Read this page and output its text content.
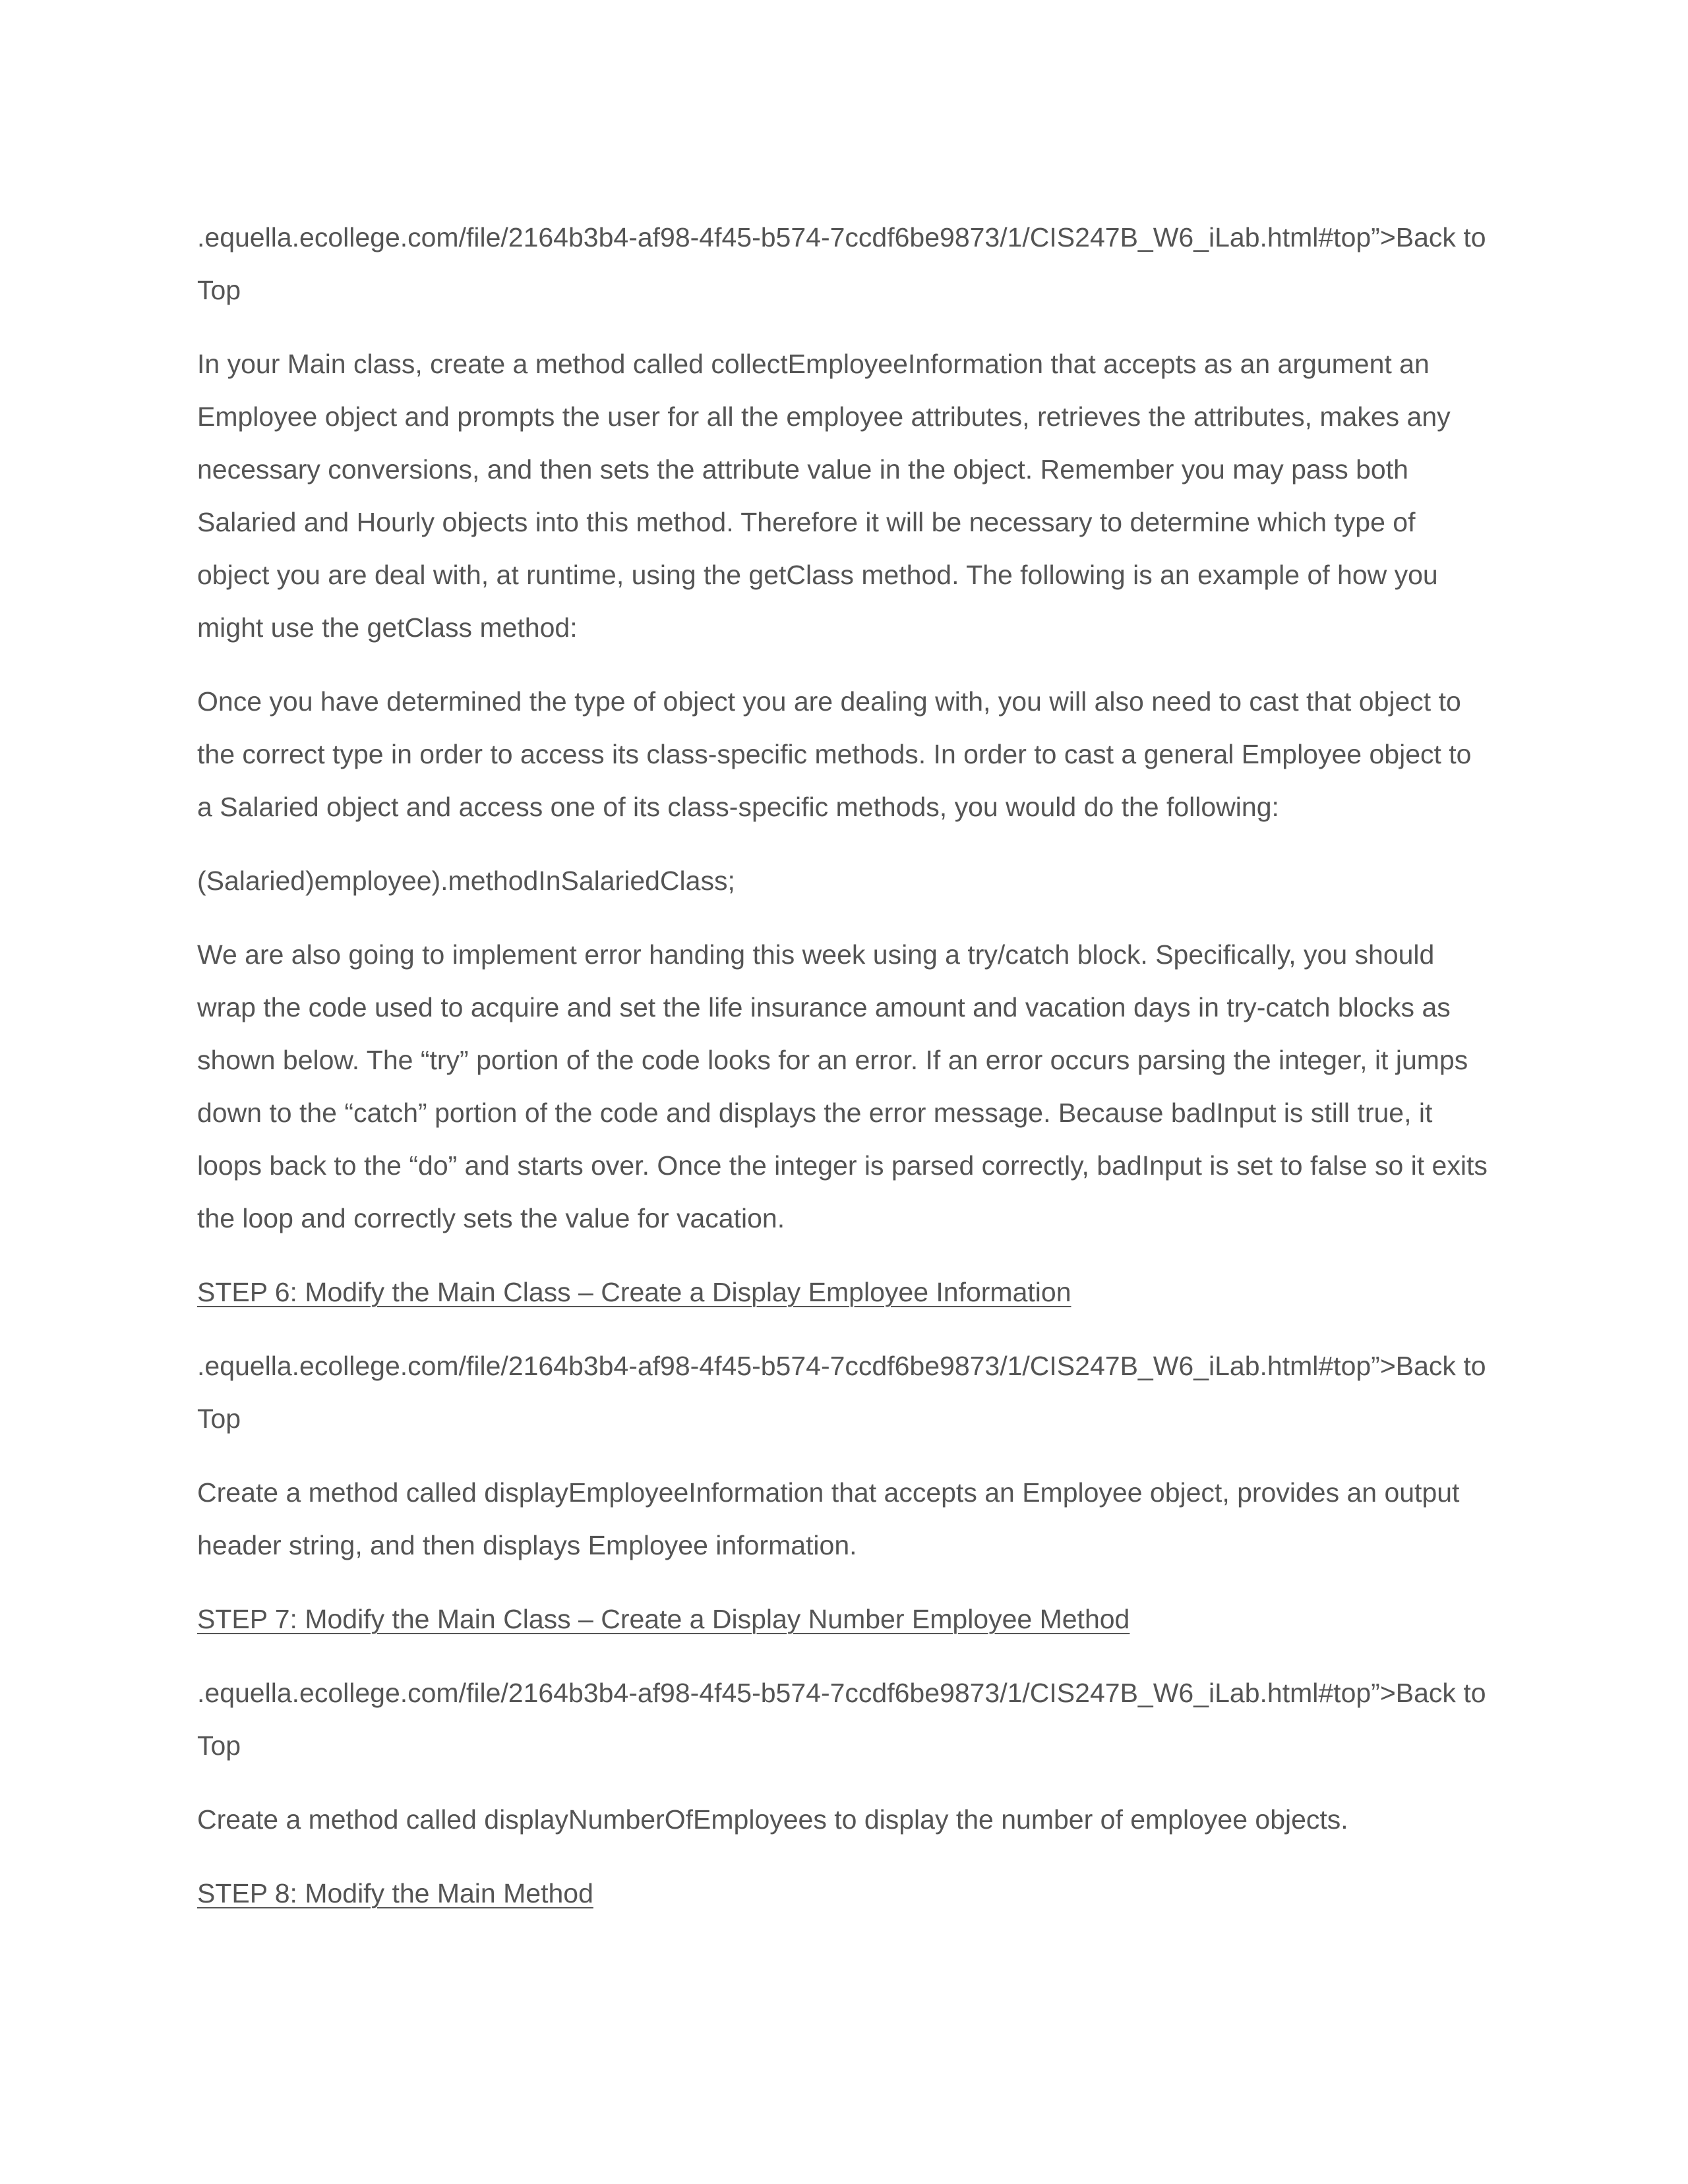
.equella.ecollege.com/file/2164b3b4-af98-4f45-b574-7ccdf6be9873/1/CIS247B_W6_iLab.html#top”>Back to Top

In your Main class, create a method called collectEmployeeInformation that accepts as an argument an Employee object and prompts the user for all the employee attributes, retrieves the attributes, makes any necessary conversions, and then sets the attribute value in the object. Remember you may pass both Salaried and Hourly objects into this method. Therefore it will be necessary to determine which type of object you are deal with, at runtime, using the getClass method. The following is an example of how you might use the getClass method:

Once you have determined the type of object you are dealing with, you will also need to cast that object to the correct type in order to access its class-specific methods. In order to cast a general Employee object to a Salaried object and access one of its class-specific methods, you would do the following:

(Salaried)employee).methodInSalariedClass;

We are also going to implement error handing this week using a try/catch block. Specifically, you should wrap the code used to acquire and set the life insurance amount and vacation days in try-catch blocks as shown below. The “try” portion of the code looks for an error. If an error occurs parsing the integer, it jumps down to the “catch” portion of the code and displays the error message. Because badInput is still true, it loops back to the “do” and starts over. Once the integer is parsed correctly, badInput is set to false so it exits the loop and correctly sets the value for vacation.

STEP 6: Modify the Main Class – Create a Display Employee Information

.equella.ecollege.com/file/2164b3b4-af98-4f45-b574-7ccdf6be9873/1/CIS247B_W6_iLab.html#top”>Back to Top

Create a method called displayEmployeeInformation that accepts an Employee object, provides an output header string, and then displays Employee information.

STEP 7: Modify the Main Class – Create a Display Number Employee Method

.equella.ecollege.com/file/2164b3b4-af98-4f45-b574-7ccdf6be9873/1/CIS247B_W6_iLab.html#top”>Back to Top

Create a method called displayNumberOfEmployees to display the number of employee objects.

STEP 8: Modify the Main Method
